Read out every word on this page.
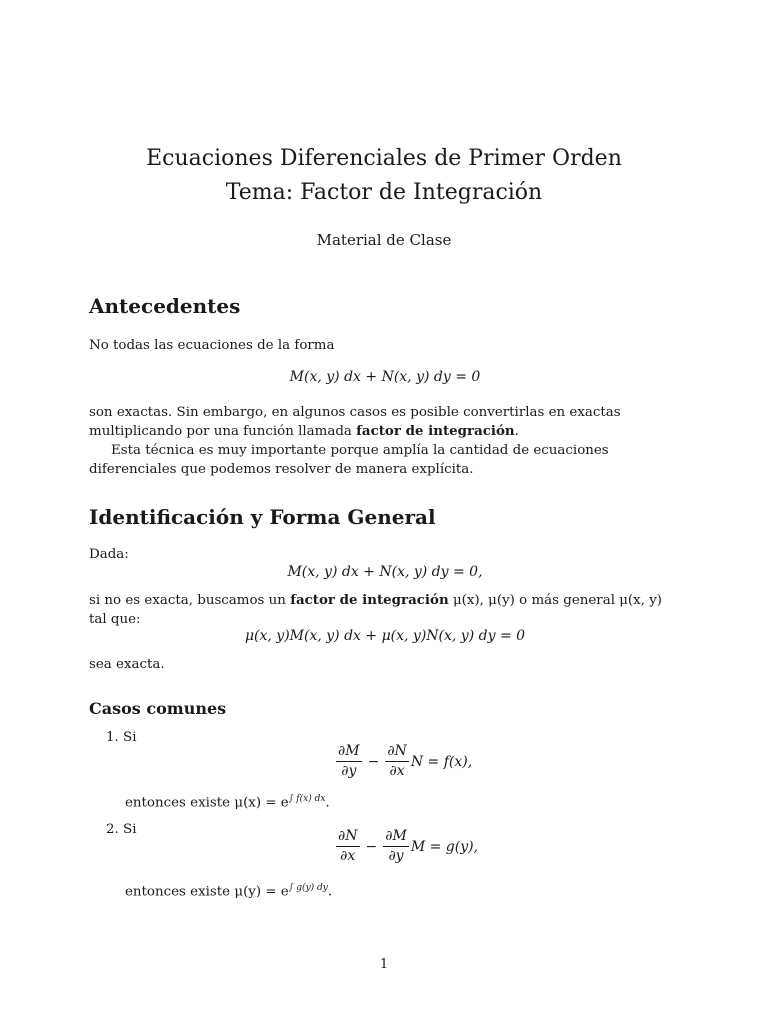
Ecuaciones Diferenciales de Primer Orden
Tema: Factor de Integración
Material de Clase
Antecedentes
No todas las ecuaciones de la forma
M(x, y) dx + N(x, y) dy = 0
son exactas. Sin embargo, en algunos casos es posible convertirlas en exactas multiplicando por una función llamada factor de integración.
Esta técnica es muy importante porque amplía la cantidad de ecuaciones diferenciales que podemos resolver de manera explícita.
Identificación y Forma General
Dada:
M(x, y) dx + N(x, y) dy = 0,
si no es exacta, buscamos un factor de integración μ(x), μ(y) o más general μ(x, y) tal que:
μ(x, y)M(x, y) dx + μ(x, y)N(x, y) dy = 0
sea exacta.
Casos comunes
1. Si
$\frac{\partial M}{\partial y} - \frac{\partial N}{\partial x}$ N = f(x),
entonces existe $\mu(x) = e^{\int f(x) dx}$.
2. Si	$\frac{\partial N}{\partial x} - \frac{\partial M}{\partial y}$ M = g(y),
entonces existe $\mu(y) = e^{\int g(y) dy}$.
1
